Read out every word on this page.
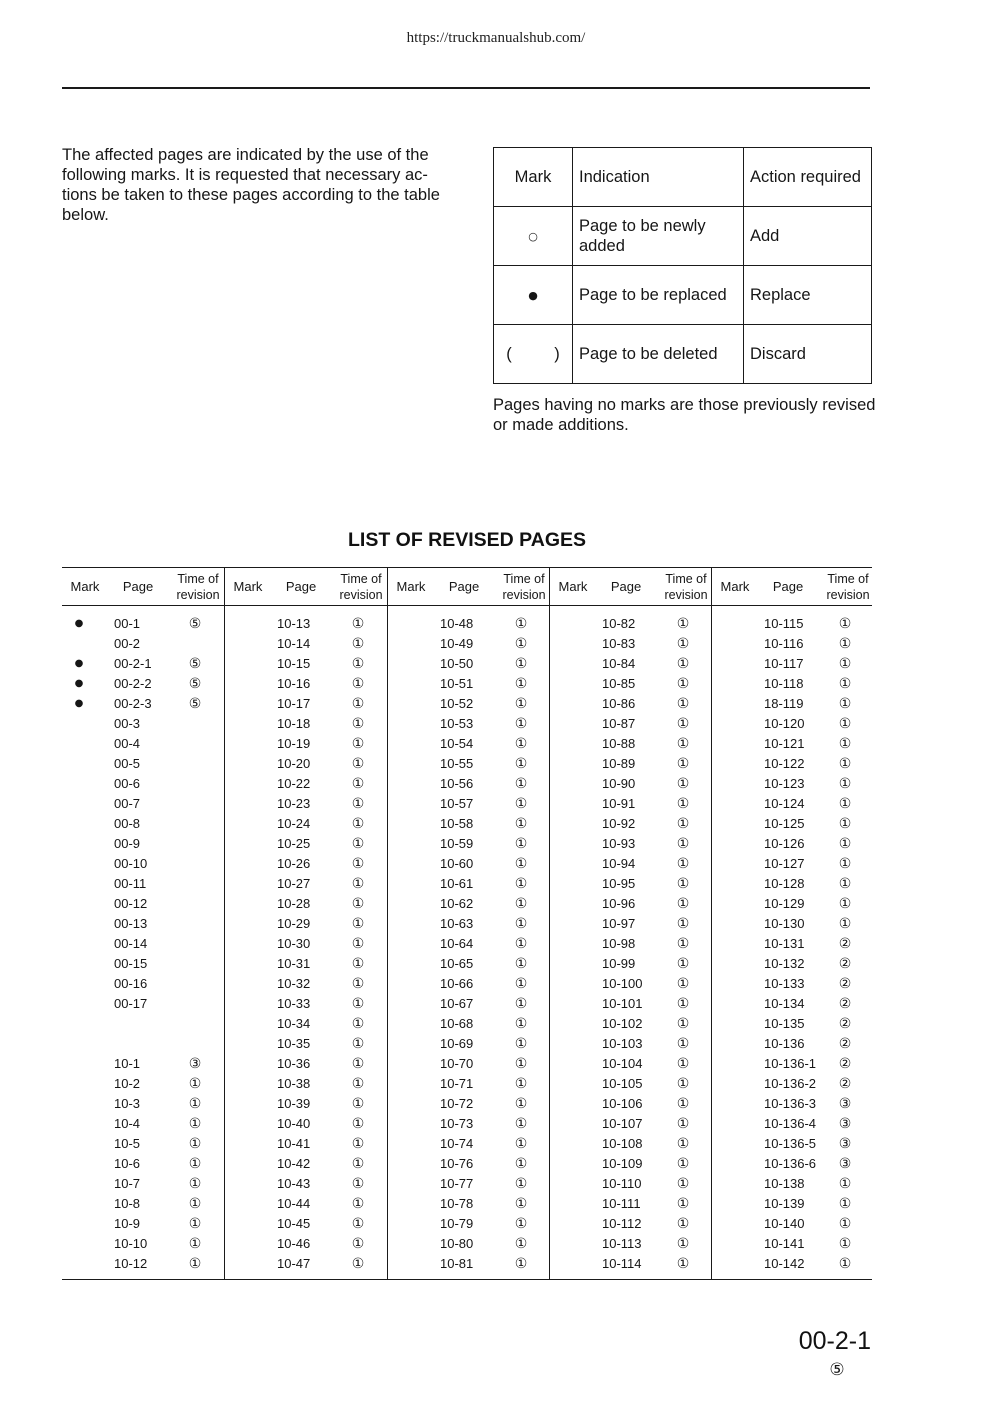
https://truckmanualshub.com/
The affected pages are indicated by the use of the
following marks. It is requested that necessary ac-
tions be taken to these pages according to the table
below.
Mark	Indication	Action required
○	Page to be newly added	Add
●	Page to be replaced	Replace
( )	Page to be deleted	Discard
Pages having no marks are those previously revised
or made additions.
LIST OF REVISED PAGES
Mark	Page	Time of
revision
●	00-1	⑤
00-2
●	00-2-1	⑤
●	00-2-2	⑤
●	00-2-3	⑤
00-3
00-4
00-5
00-6
00-7
00-8
00-9
00-10
00-11
00-12
00-13
00-14
00-15
00-16
00-17
10-1	③
10-2	①
10-3	①
10-4	①
10-5	①
10-6	①
10-7	①
10-8	①
10-9	①
10-10	①
10-12	①
Mark	Page	Time of
revision
10-13	①
10-14	①
10-15	①
10-16	①
10-17	①
10-18	①
10-19	①
10-20	①
10-22	①
10-23	①
10-24	①
10-25	①
10-26	①
10-27	①
10-28	①
10-29	①
10-30	①
10-31	①
10-32	①
10-33	①
10-34	①
10-35	①
10-36	①
10-38	①
10-39	①
10-40	①
10-41	①
10-42	①
10-43	①
10-44	①
10-45	①
10-46	①
10-47	①
Mark	Page	Time of
revision
10-48	①
10-49	①
10-50	①
10-51	①
10-52	①
10-53	①
10-54	①
10-55	①
10-56	①
10-57	①
10-58	①
10-59	①
10-60	①
10-61	①
10-62	①
10-63	①
10-64	①
10-65	①
10-66	①
10-67	①
10-68	①
10-69	①
10-70	①
10-71	①
10-72	①
10-73	①
10-74	①
10-76	①
10-77	①
10-78	①
10-79	①
10-80	①
10-81	①
Mark	Page	Time of
revision
10-82	①
10-83	①
10-84	①
10-85	①
10-86	①
10-87	①
10-88	①
10-89	①
10-90	①
10-91	①
10-92	①
10-93	①
10-94	①
10-95	①
10-96	①
10-97	①
10-98	①
10-99	①
10-100	①
10-101	①
10-102	①
10-103	①
10-104	①
10-105	①
10-106	①
10-107	①
10-108	①
10-109	①
10-110	①
10-111	①
10-112	①
10-113	①
10-114	①
Mark	Page	Time of
revision
10-115	①
10-116	①
10-117	①
10-118	①
18-119	①
10-120	①
10-121	①
10-122	①
10-123	①
10-124	①
10-125	①
10-126	①
10-127	①
10-128	①
10-129	①
10-130	①
10-131	②
10-132	②
10-133	②
10-134	②
10-135	②
10-136	②
10-136-1	②
10-136-2	②
10-136-3	③
10-136-4	③
10-136-5	③
10-136-6	③
10-138	①
10-139	①
10-140	①
10-141	①
10-142	①
00-2-1
⑤
